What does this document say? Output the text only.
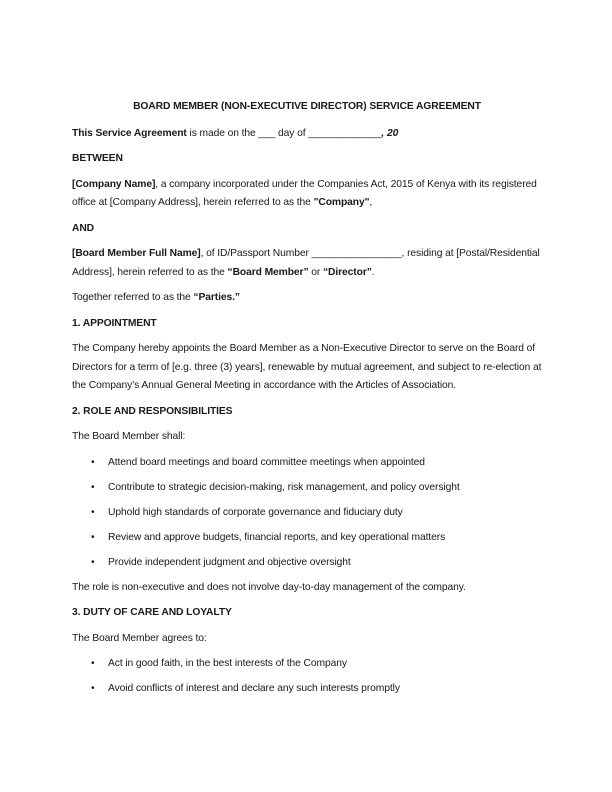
BOARD MEMBER (NON-EXECUTIVE DIRECTOR) SERVICE AGREEMENT

This Service Agreement is made on the ___ day of _____________, 20

BETWEEN

[Company Name], a company incorporated under the Companies Act, 2015 of Kenya with its registered office at [Company Address], herein referred to as the "Company",

AND

[Board Member Full Name], of ID/Passport Number ________________, residing at [Postal/Residential Address], herein referred to as the “Board Member” or “Director”.

Together referred to as the “Parties.”

1. APPOINTMENT

The Company hereby appoints the Board Member as a Non-Executive Director to serve on the Board of Directors for a term of [e.g. three (3) years], renewable by mutual agreement, and subject to re-election at the Company’s Annual General Meeting in accordance with the Articles of Association.

2. ROLE AND RESPONSIBILITIES

The Board Member shall:

• Attend board meetings and board committee meetings when appointed
• Contribute to strategic decision-making, risk management, and policy oversight
• Uphold high standards of corporate governance and fiduciary duty
• Review and approve budgets, financial reports, and key operational matters
• Provide independent judgment and objective oversight

The role is non-executive and does not involve day-to-day management of the company.

3. DUTY OF CARE AND LOYALTY

The Board Member agrees to:

• Act in good faith, in the best interests of the Company
• Avoid conflicts of interest and declare any such interests promptly
